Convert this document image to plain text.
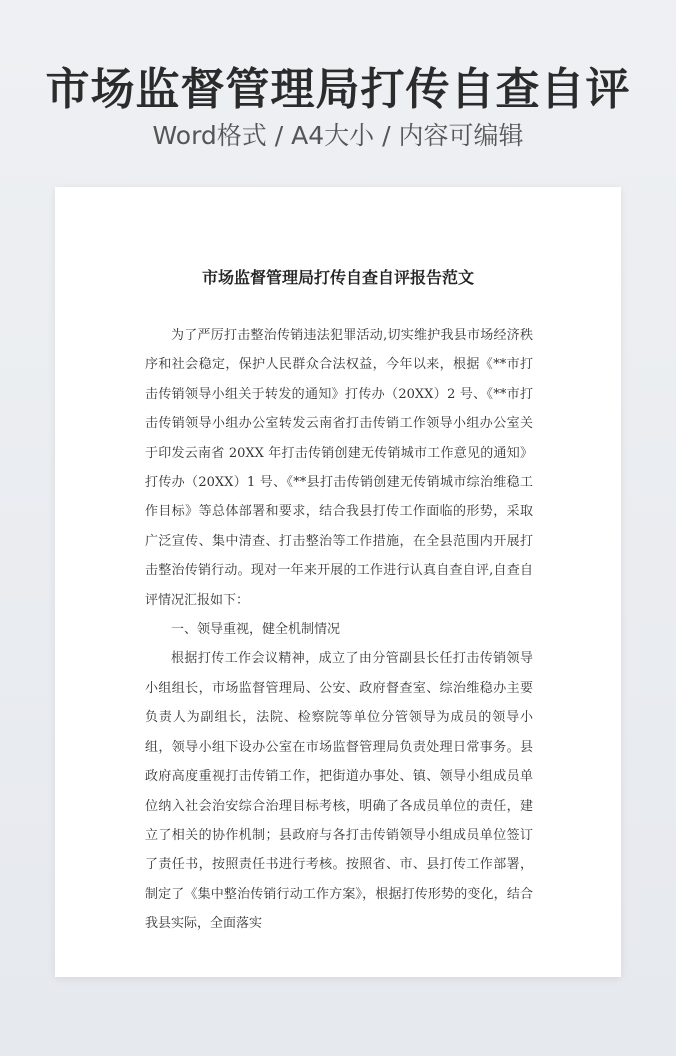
市场监督管理局打传自查自评
Word格式 / A4大小 / 内容可编辑
市场监督管理局打传自查自评报告范文

为了严厉打击整治传销违法犯罪活动,切实维护我县市场经济秩序和社会稳定，保护人民群众合法权益，今年以来，根据《**市打击传销领导小组关于转发的通知》打传办（20XX）2 号、《**市打击传销领导小组办公室转发云南省打击传销工作领导小组办公室关于印发云南省 20XX 年打击传销创建无传销城市工作意见的通知》打传办（20XX）1 号、《**县打击传销创建无传销城市综治维稳工作目标》等总体部署和要求，结合我县打传工作面临的形势，采取广泛宣传、集中清查、打击整治等工作措施，在全县范围内开展打击整治传销行动。现对一年来开展的工作进行认真自查自评,自查自评情况汇报如下：

一、领导重视，健全机制情况

根据打传工作会议精神，成立了由分管副县长任打击传销领导小组组长，市场监督管理局、公安、政府督查室、综治维稳办主要负责人为副组长，法院、检察院等单位分管领导为成员的领导小组，领导小组下设办公室在市场监督管理局负责处理日常事务。县政府高度重视打击传销工作，把街道办事处、镇、领导小组成员单位纳入社会治安综合治理目标考核，明确了各成员单位的责任，建立了相关的协作机制；县政府与各打击传销领导小组成员单位签订了责任书，按照责任书进行考核。按照省、市、县打传工作部署，制定了《集中整治传销行动工作方案》，根据打传形势的变化，结合我县实际，全面落实
